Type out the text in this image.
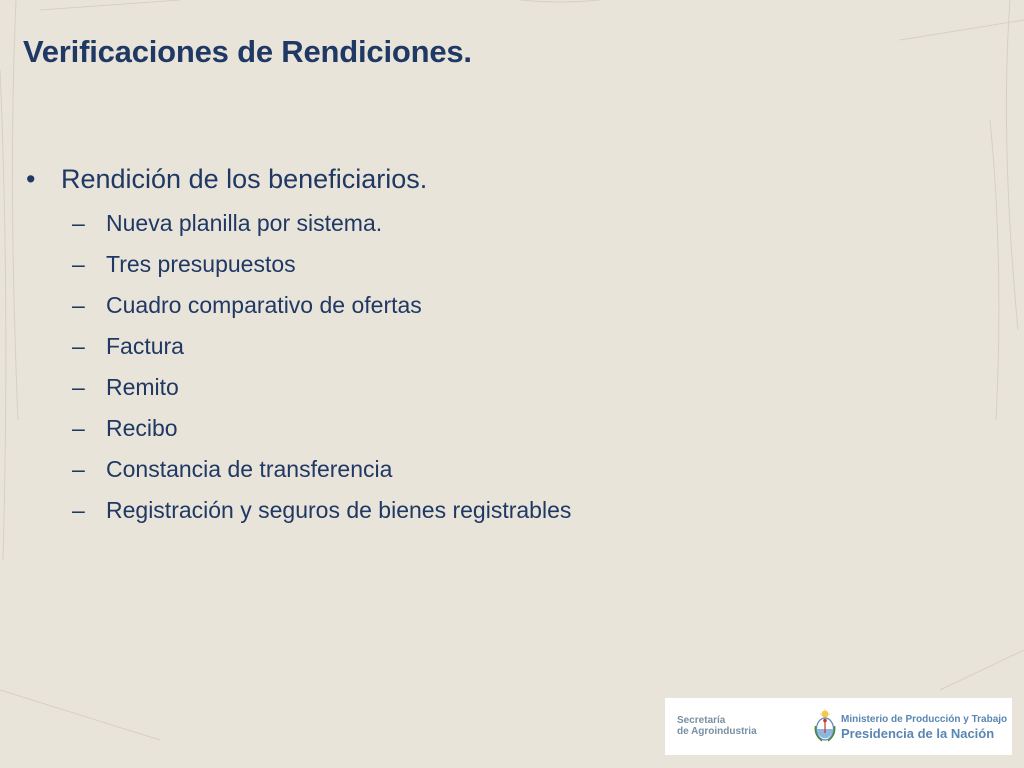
Verificaciones de Rendiciones.
• Rendición de los beneficiarios.
– Nueva planilla por sistema.
– Tres presupuestos
– Cuadro comparativo de ofertas
– Factura
– Remito
– Recibo
– Constancia de transferencia
– Registración y seguros de bienes registrables
Secretaría
de Agroindustria
Ministerio de Producción y Trabajo
Presidencia de la Nación
